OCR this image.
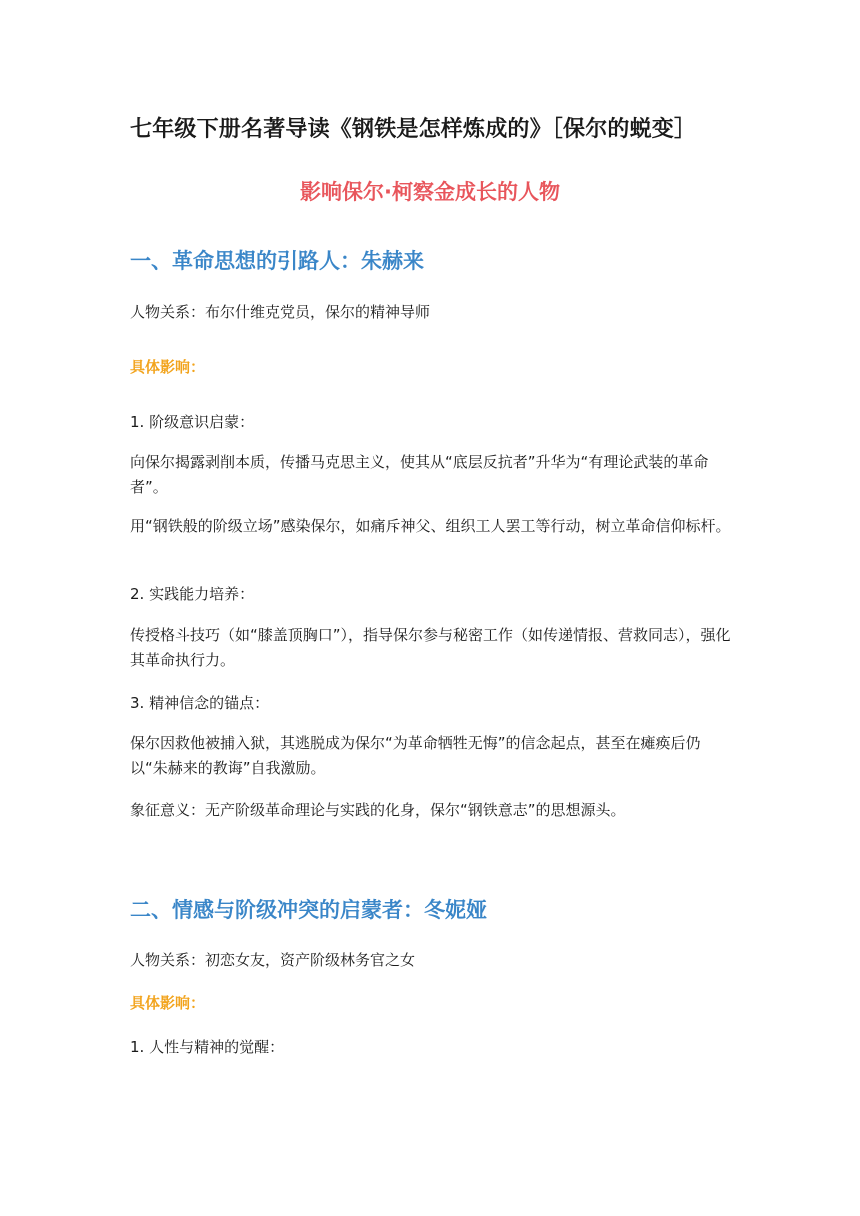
七年级下册名著导读《钢铁是怎样炼成的》［保尔的蜕变］
影响保尔·柯察金成长的人物
一、革命思想的引路人：朱赫来
人物关系：布尔什维克党员，保尔的精神导师
具体影响：
1. 阶级意识启蒙：
向保尔揭露剥削本质，传播马克思主义，使其从“底层反抗者”升华为“有理论武装的革命者”。
用“钢铁般的阶级立场”感染保尔，如痛斥神父、组织工人罢工等行动，树立革命信仰标杆。
2. 实践能力培养：
传授格斗技巧（如“膝盖顶胸口”），指导保尔参与秘密工作（如传递情报、营救同志），强化其革命执行力。
3. 精神信念的锚点：
保尔因救他被捕入狱，其逃脱成为保尔“为革命牺牲无悔”的信念起点，甚至在瘫痪后仍以“朱赫来的教诲”自我激励。
象征意义：无产阶级革命理论与实践的化身，保尔“钢铁意志”的思想源头。
二、情感与阶级冲突的启蒙者：冬妮娅
人物关系：初恋女友，资产阶级林务官之女
具体影响：
1. 人性与精神的觉醒：
